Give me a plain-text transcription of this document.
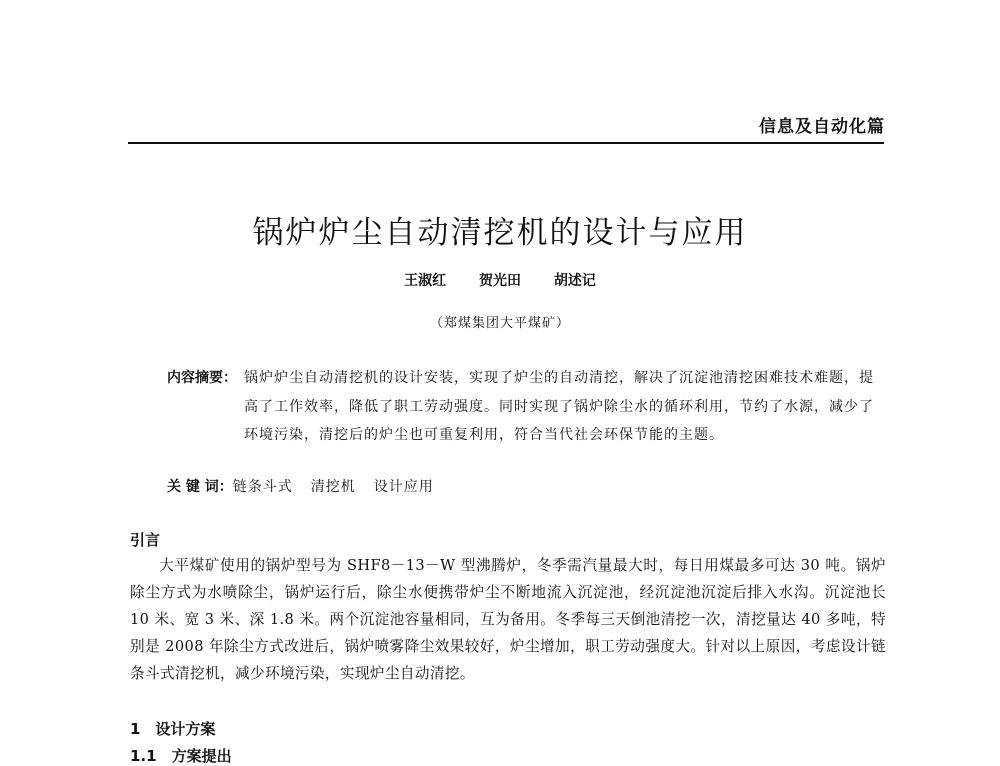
信息及自动化篇
锅炉炉尘自动清挖机的设计与应用
王淑红 贺光田 胡述记
（郑煤集团大平煤矿）
内容摘要： 锅炉炉尘自动清挖机的设计安装，实现了炉尘的自动清挖，解决了沉淀池清挖困难技术难题，提高了工作效率，降低了职工劳动强度。同时实现了锅炉除尘水的循环利用，节约了水源，减少了环境污染，清挖后的炉尘也可重复利用，符合当代社会环保节能的主题。
关 键 词：链条斗式 清挖机 设计应用
引言

大平煤矿使用的锅炉型号为 SHF8－13－W 型沸腾炉，冬季需汽量最大时，每日用煤最多可达 30 吨。锅炉除尘方式为水喷除尘，锅炉运行后，除尘水便携带炉尘不断地流入沉淀池，经沉淀池沉淀后排入水沟。沉淀池长 10 米、宽 3 米、深 1.8 米。两个沉淀池容量相同，互为备用。冬季每三天倒池清挖一次，清挖量达 40 多吨，特别是 2008 年除尘方式改进后，锅炉喷雾降尘效果较好，炉尘增加，职工劳动强度大。针对以上原因，考虑设计链条斗式清挖机，减少环境污染，实现炉尘自动清挖。

1　设计方案
1.1　方案提出
